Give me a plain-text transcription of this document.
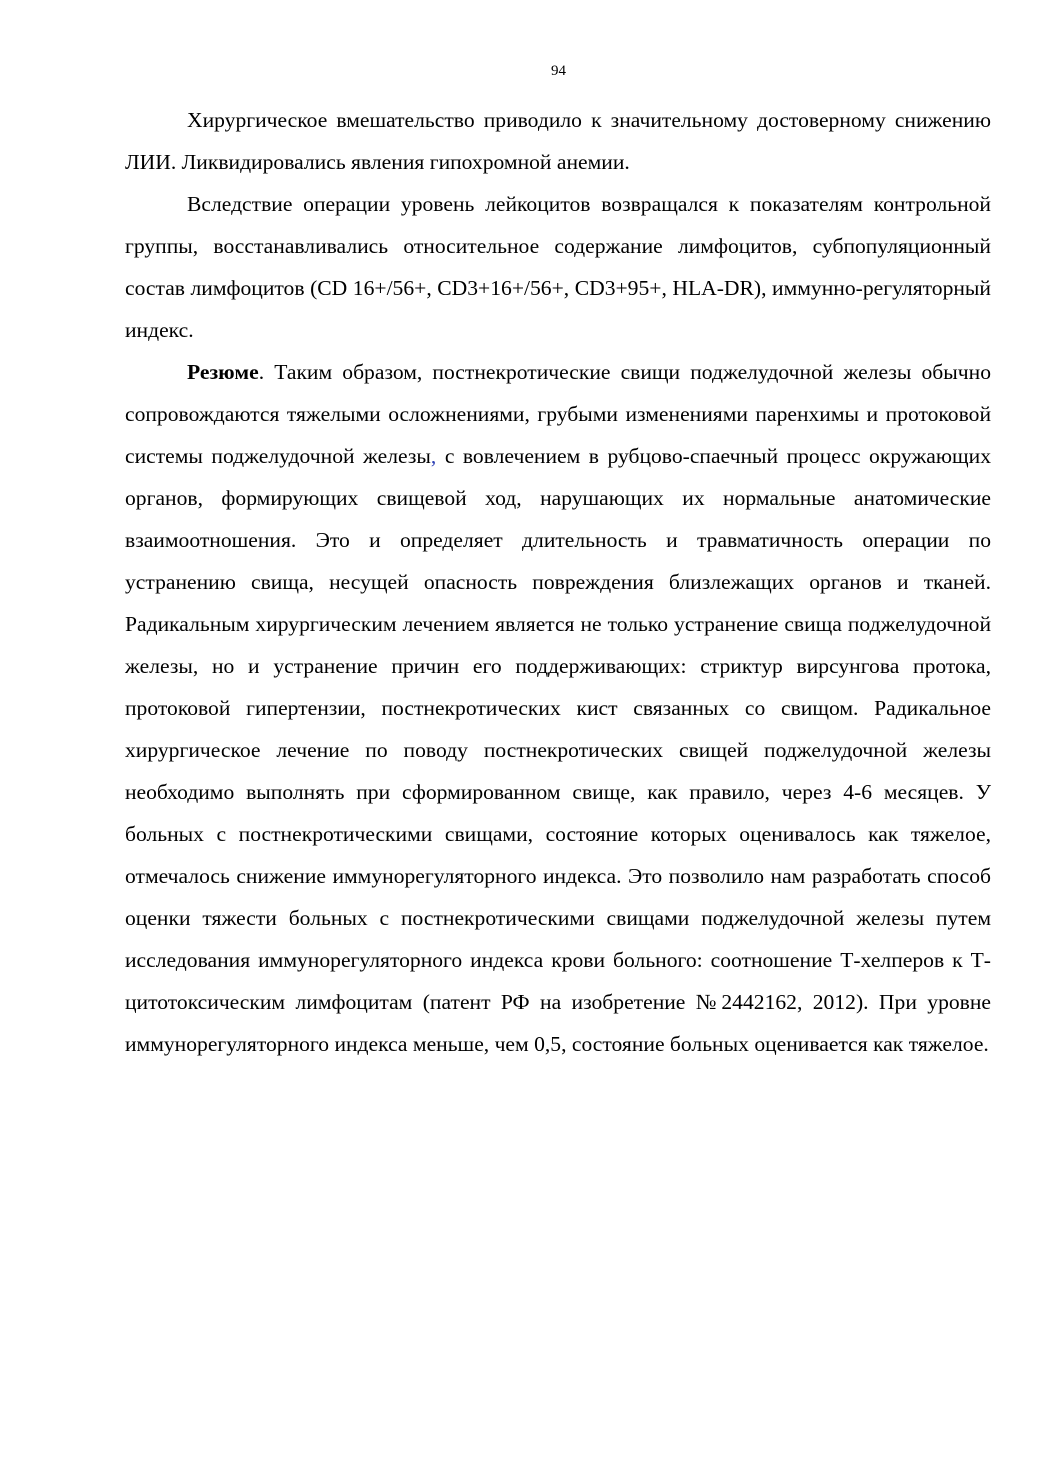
94

Хирургическое вмешательство приводило к значительному достоверному снижению ЛИИ. Ликвидировались явления гипохромной анемии.

Вследствие операции уровень лейкоцитов возвращался к показателям контрольной группы, восстанавливались относительное содержание лимфоцитов, субпопуляционный состав лимфоцитов (CD 16+/56+, CD3+16+/56+, CD3+95+, HLA-DR), иммунно-регуляторный индекс.

Резюме. Таким образом, постнекротические свищи поджелудочной железы обычно сопровождаются тяжелыми осложнениями, грубыми изменениями паренхимы и протоковой системы поджелудочной железы, с вовлечением в рубцово-спаечный процесс окружающих органов, формирующих свищевой ход, нарушающих их нормальные анатомические взаимоотношения. Это и определяет длительность и травматичность операции по устранению свища, несущей опасность повреждения близлежащих органов и тканей. Радикальным хирургическим лечением является не только устранение свища поджелудочной железы, но и устранение причин его поддерживающих: стриктур вирсунгова протока, протоковой гипертензии, постнекротических кист связанных со свищом. Радикальное хирургическое лечение по поводу постнекротических свищей поджелудочной железы необходимо выполнять при сформированном свище, как правило, через 4-6 месяцев. У больных с постнекротическими свищами, состояние которых оценивалось как тяжелое, отмечалось снижение иммунорегуляторного индекса. Это позволило нам разработать способ оценки тяжести больных с постнекротическими свищами поджелудочной железы путем исследования иммунорегуляторного индекса крови больного: соотношение Т-хелперов к Т-цитотоксическим лимфоцитам (патент РФ на изобретение №2442162, 2012). При уровне иммунорегуляторного индекса меньше, чем 0,5, состояние больных оценивается как тяжелое.
